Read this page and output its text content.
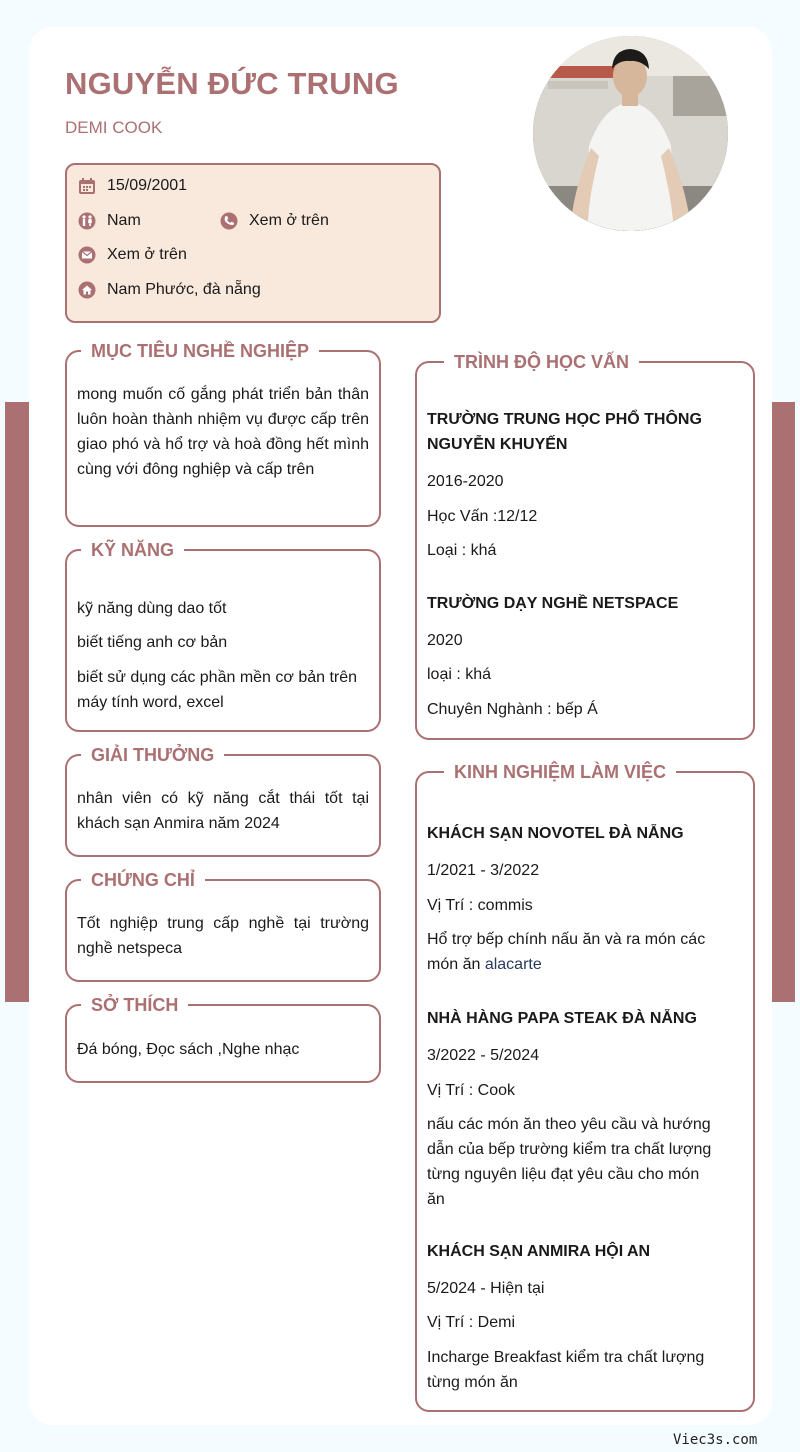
NGUYỄN ĐỨC TRUNG
DEMI COOK
15/09/2001
Nam	Xem ở trên
Xem ở trên
Nam Phước, đà nẵng
MỤC TIÊU NGHỀ NGHIỆP
mong muốn cố gắng phát triển bản thân luôn hoàn thành nhiệm vụ được cấp trên giao phó và hổ trợ và hoà đồng hết mình cùng với đông nghiệp và cấp trên
KỸ NĂNG
kỹ năng dùng dao tốt
biết tiếng anh cơ bản
biết sử dụng các phần mền cơ bản trên máy tính word, excel
GIẢI THƯỞNG
nhân viên có kỹ năng cắt thái tốt tại khách sạn Anmira năm 2024
CHỨNG CHỈ
Tốt nghiệp trung cấp nghề tại trường nghề netspeca
SỞ THÍCH
Đá bóng, Đọc sách ,Nghe nhạc
TRÌNH ĐỘ HỌC VẤN
TRƯỜNG TRUNG HỌC PHỔ THÔNG NGUYỄN KHUYẾN
2016-2020
Học Vấn :12/12
Loại : khá
TRƯỜNG DẠY NGHỀ NETSPACE
2020
loại : khá
Chuyên Nghành : bếp Á
KINH NGHIỆM LÀM VIỆC
KHÁCH SẠN NOVOTEL ĐÀ NẴNG
1/2021 - 3/2022
Vị Trí : commis
Hổ trợ bếp chính nấu ăn và ra món các món ăn alacarte
NHÀ HÀNG PAPA STEAK ĐÀ NẴNG
3/2022 - 5/2024
Vị Trí : Cook
nấu các món ăn theo yêu cầu và hướng dẫn của bếp trường kiểm tra chất lượng từng nguyên liệu đạt yêu cầu cho món ăn
KHÁCH SẠN ANMIRA HỘI AN
5/2024 - Hiện tại
Vị Trí : Demi
Incharge Breakfast kiểm tra chất lượng từng món ăn
Viec3s.com
